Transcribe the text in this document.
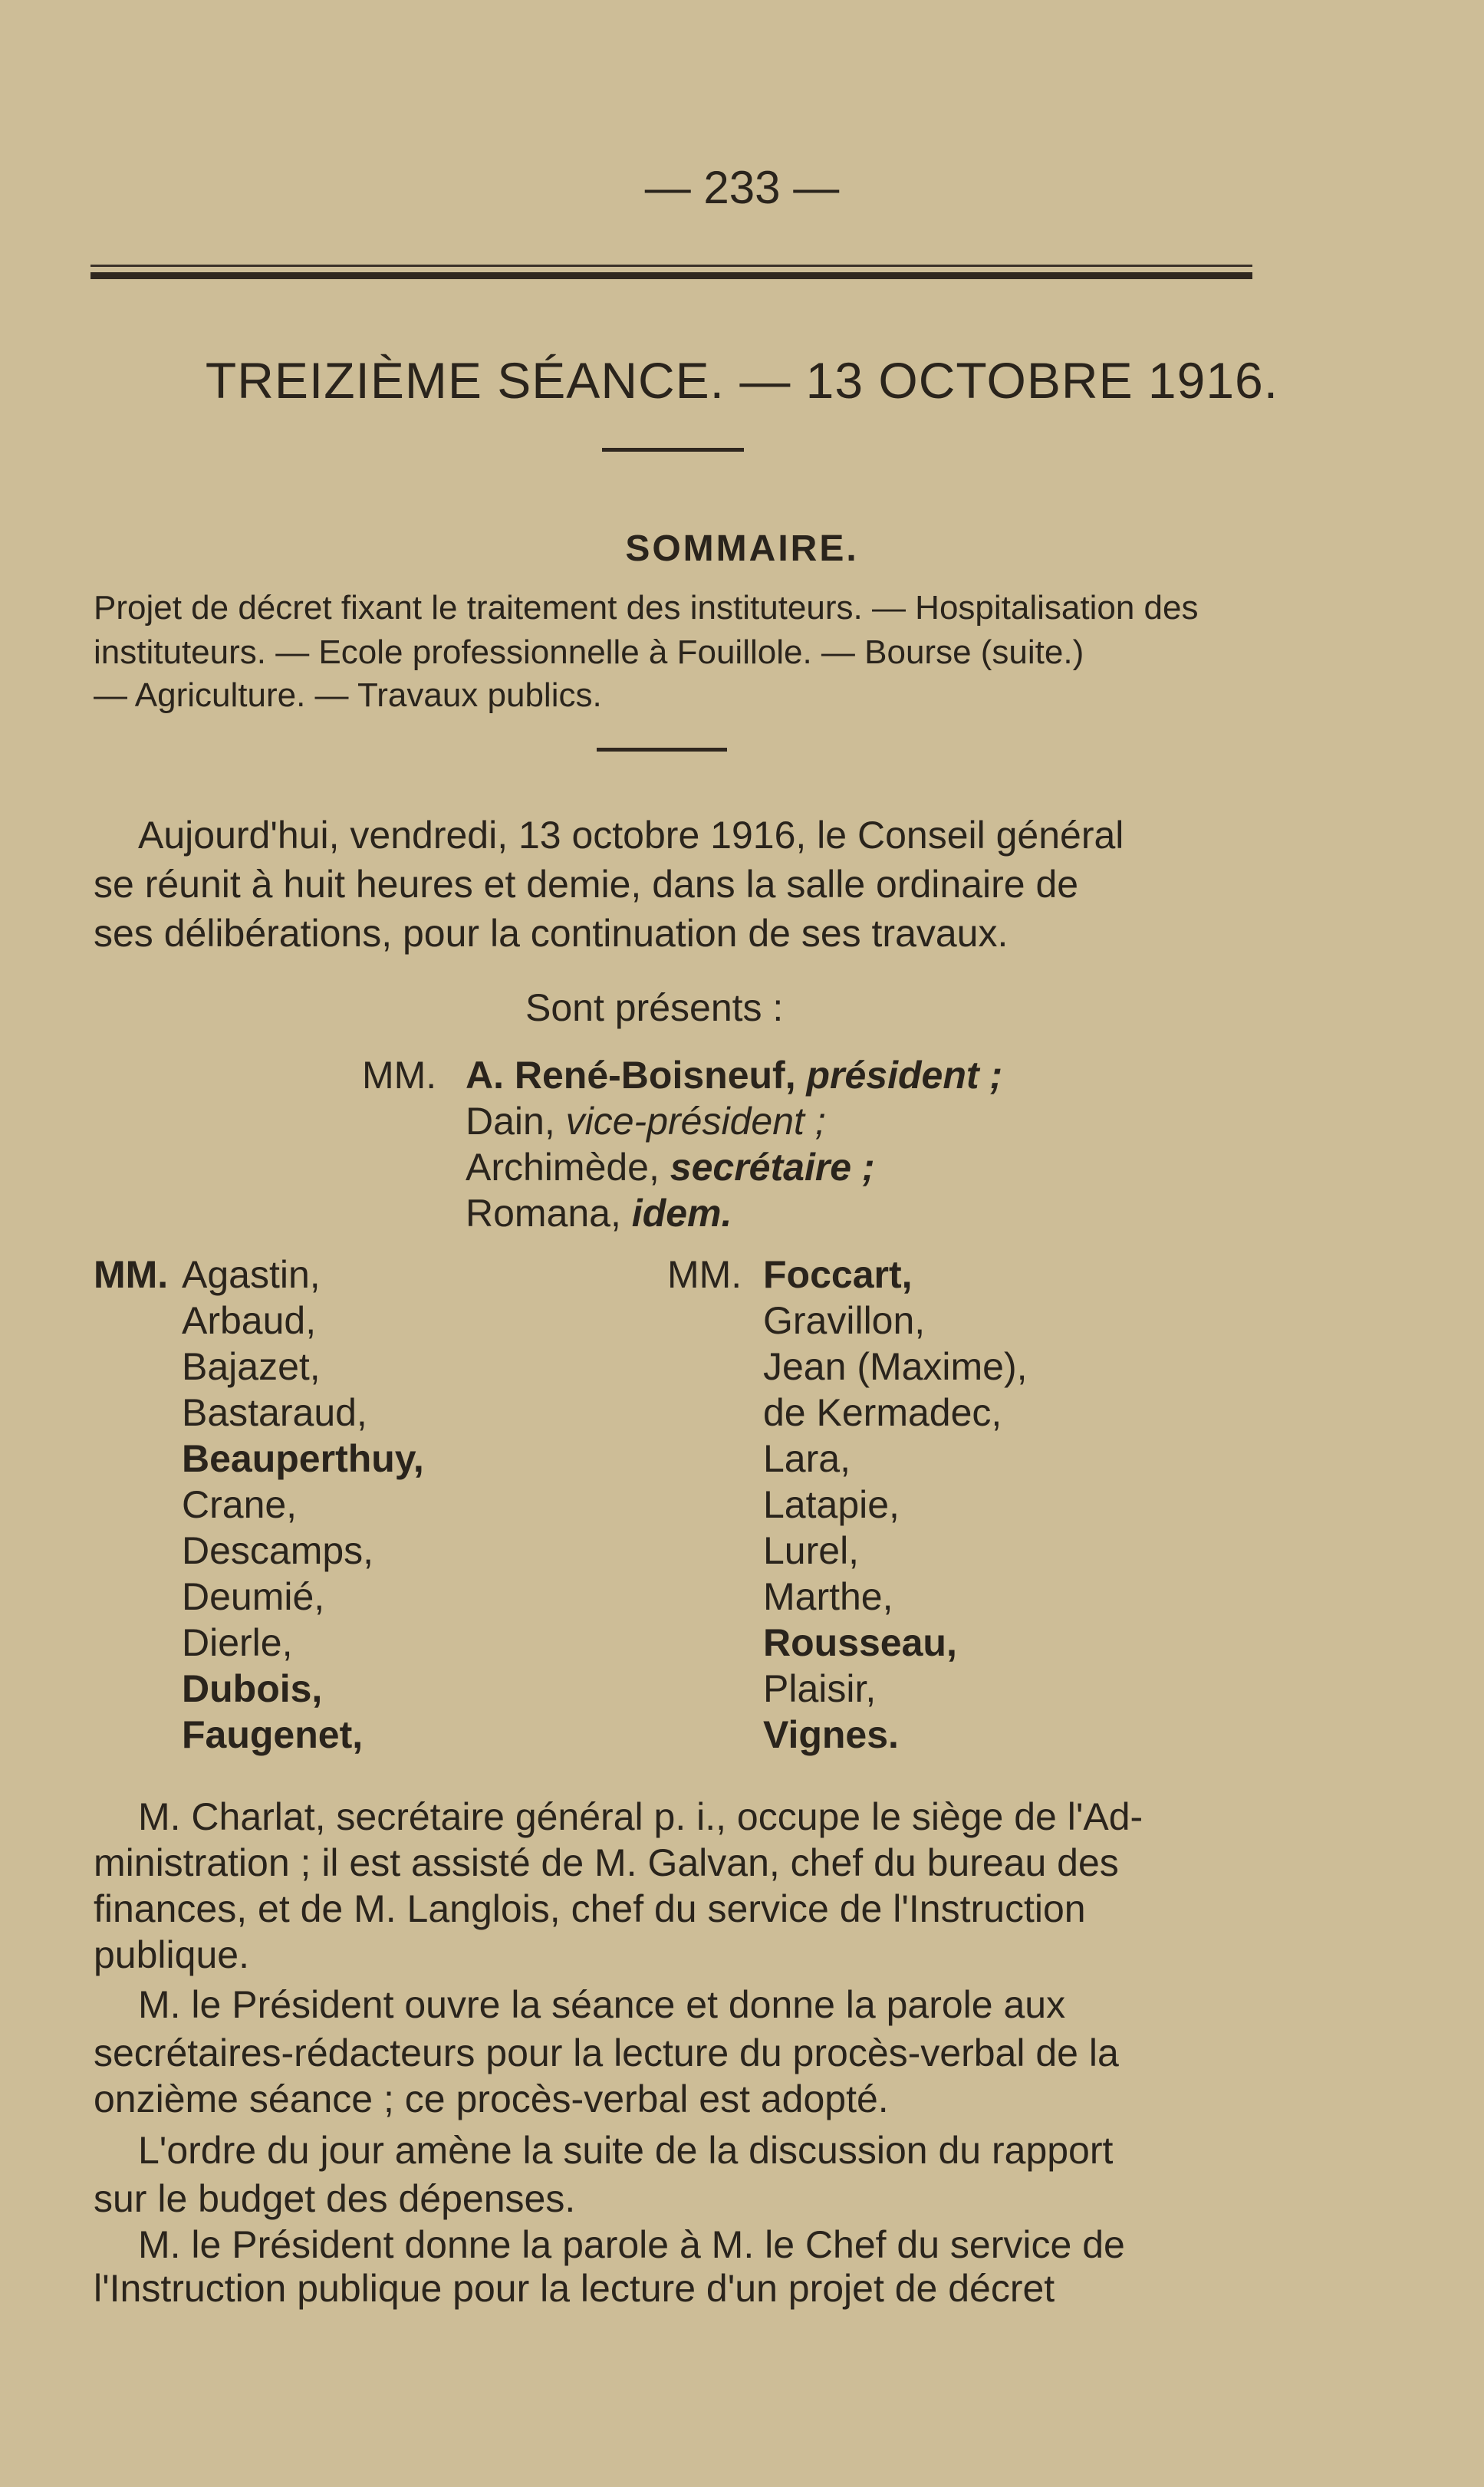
— 233 —
TREIZIÈME SÉANCE. — 13 OCTOBRE 1916.
SOMMAIRE.
Projet de décret fixant le traitement des instituteurs. — Hospitalisation des
instituteurs. — Ecole professionnelle à Fouillole. — Bourse (suite.)
— Agriculture. — Travaux publics.
Aujourd'hui, vendredi, 13 octobre 1916, le Conseil général
se réunit à huit heures et demie, dans la salle ordinaire de
ses délibérations, pour la continuation de ses travaux.
Sont présents :
MM. A. René-Boisneuf, président ;
Dain, vice-président ;
Archimède, secrétaire ;
Romana, idem.
MM.	MM.
Agastin,
Arbaud,
Bajazet,
Bastaraud,
Beauperthuy,
Crane,
Descamps,
Deumié,
Dierle,
Dubois,
Faugenet,
Foccart,
Gravillon,
Jean (Maxime),
de Kermadec,
Lara,
Latapie,
Lurel,
Marthe,
Rousseau,
Plaisir,
Vignes.
M. Charlat, secrétaire général p. i., occupe le siège de l'Ad-
ministration ; il est assisté de M. Galvan, chef du bureau des
finances, et de M. Langlois, chef du service de l'Instruction
publique.
M. le Président ouvre la séance et donne la parole aux
secrétaires-rédacteurs pour la lecture du procès-verbal de la
onzième séance ; ce procès-verbal est adopté.
L'ordre du jour amène la suite de la discussion du rapport
sur le budget des dépenses.
M. le Président donne la parole à M. le Chef du service de
l'Instruction publique pour la lecture d'un projet de décret
